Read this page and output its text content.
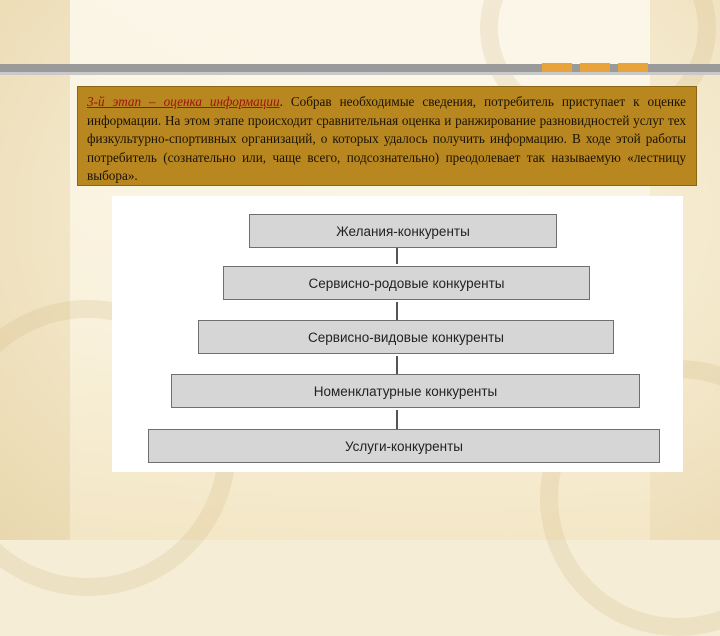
3-й этап – оценка информации. Собрав необходимые сведения, потребитель приступает к оценке информации. На этом этапе происходит сравнительная оценка и ранжирование разновидностей услуг тех физкультурно-спортивных организаций, о которых удалось получить информацию. В ходе этой работы потребитель (сознательно или, чаще всего, подсознательно) преодолевает так называемую «лестницу выбора».
Желания-конкуренты
Сервисно-родовые конкуренты
Сервисно-видовые конкуренты
Номенклатурные конкуренты
Услуги-конкуренты
